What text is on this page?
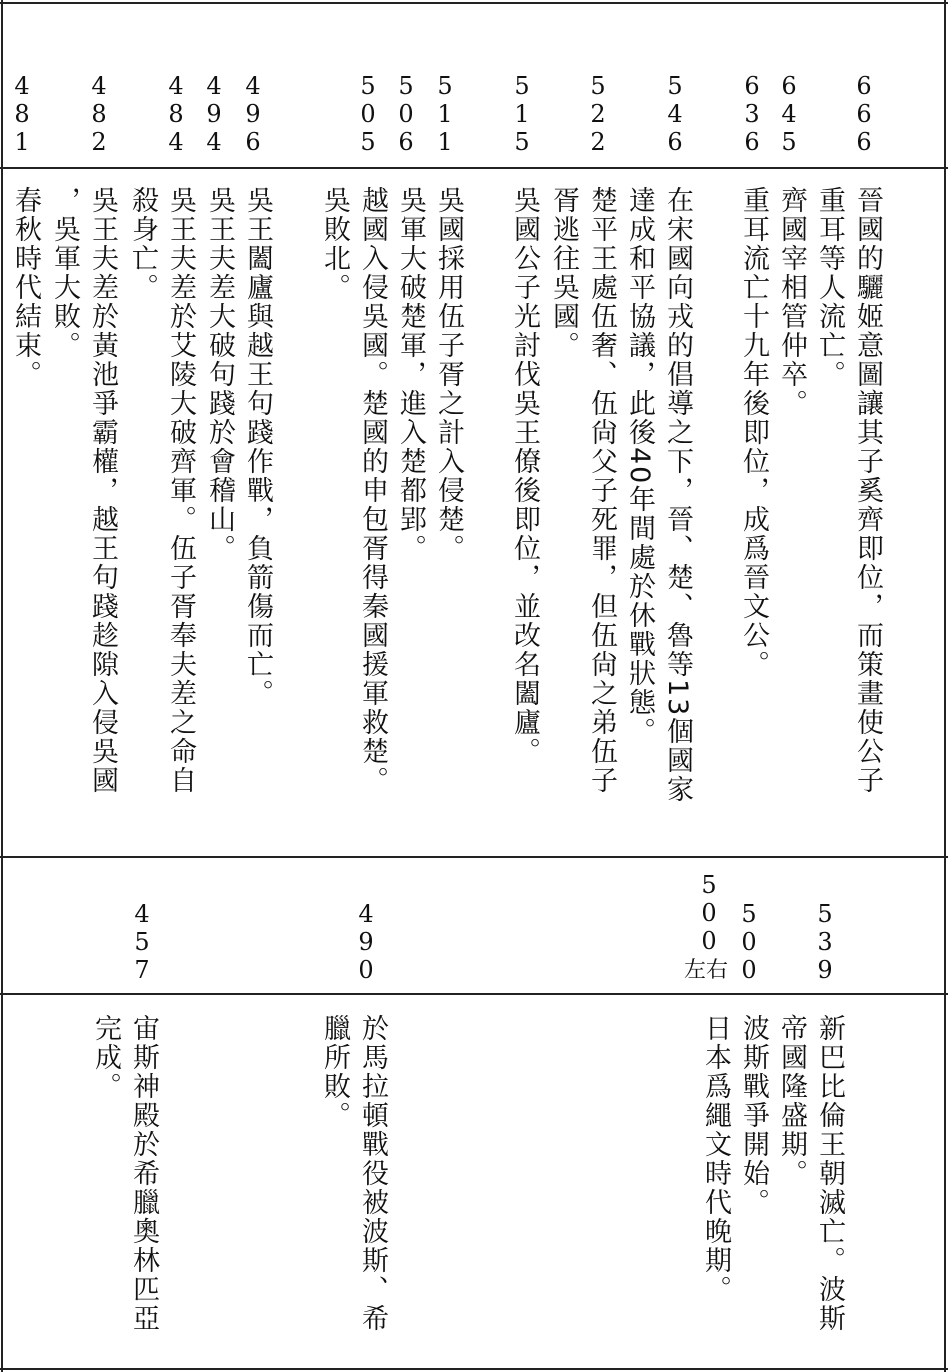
666
645
636
546
522
515
511
506
505
496
494
484
482
481
晉國的驪姬意圖讓其子奚齊即位，而策畫使公子
重耳等人流亡。
齊國宰相管仲卒。
重耳流亡十九年後即位，成爲晉文公。
在宋國向戎的倡導之下，晉、楚、魯等13個國家
達成和平協議，此後40年間處於休戰狀態。
楚平王處伍奢、伍尙父子死罪，但伍尙之弟伍子
胥逃往吳國。
吳國公子光討伐吳王僚後即位，並改名闔廬。
吳國採用伍子胥之計入侵楚。
吳軍大破楚軍，進入楚都郢。
越國入侵吳國。楚國的申包胥得秦國援軍救楚。
吳敗北。
吳王闔廬與越王句踐作戰，負箭傷而亡。
吳王夫差大破句踐於會稽山。
吳王夫差於艾陵大破齊軍。伍子胥奉夫差之命自
殺身亡。
吳王夫差於黃池爭霸權，越王句踐趁隙入侵吳國
，吳軍大敗。
春秋時代結束。
539
500
500
左右
490
457
新巴比倫王朝滅亡。波斯
帝國隆盛期。
波斯戰爭開始。
日本爲繩文時代晚期。
於馬拉頓戰役被波斯、希
臘所敗。
宙斯神殿於希臘奧林匹亞
完成。
